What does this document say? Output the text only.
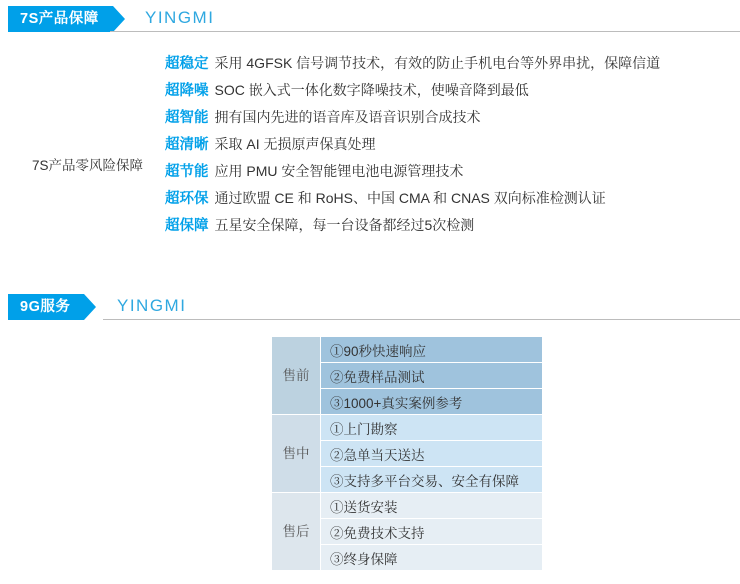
7S产品保障	YINGMI
7S产品零风险保障
超稳定 采用 4GFSK 信号调节技术，有效的防止手机电台等外界串扰，保障信道
超降噪 SOC 嵌入式一体化数字降噪技术，使噪音降到最低
超智能 拥有国内先进的语音库及语音识别合成技术
超清晰 采取 AI 无损原声保真处理
超节能 应用 PMU 安全智能锂电池电源管理技术
超环保 通过欧盟 CE 和 RoHS、中国 CMA 和 CNAS 双向标准检测认证
超保障 五星安全保障，每一台设备都经过5次检测
9G服务	YINGMI
售前	①90秒快速响应
	②免费样品测试
	③1000+真实案例参考
售中	①上门勘察
	②急单当天送达
	③支持多平台交易、安全有保障
售后	①送货安装
	②免费技术支持
	③终身保障
